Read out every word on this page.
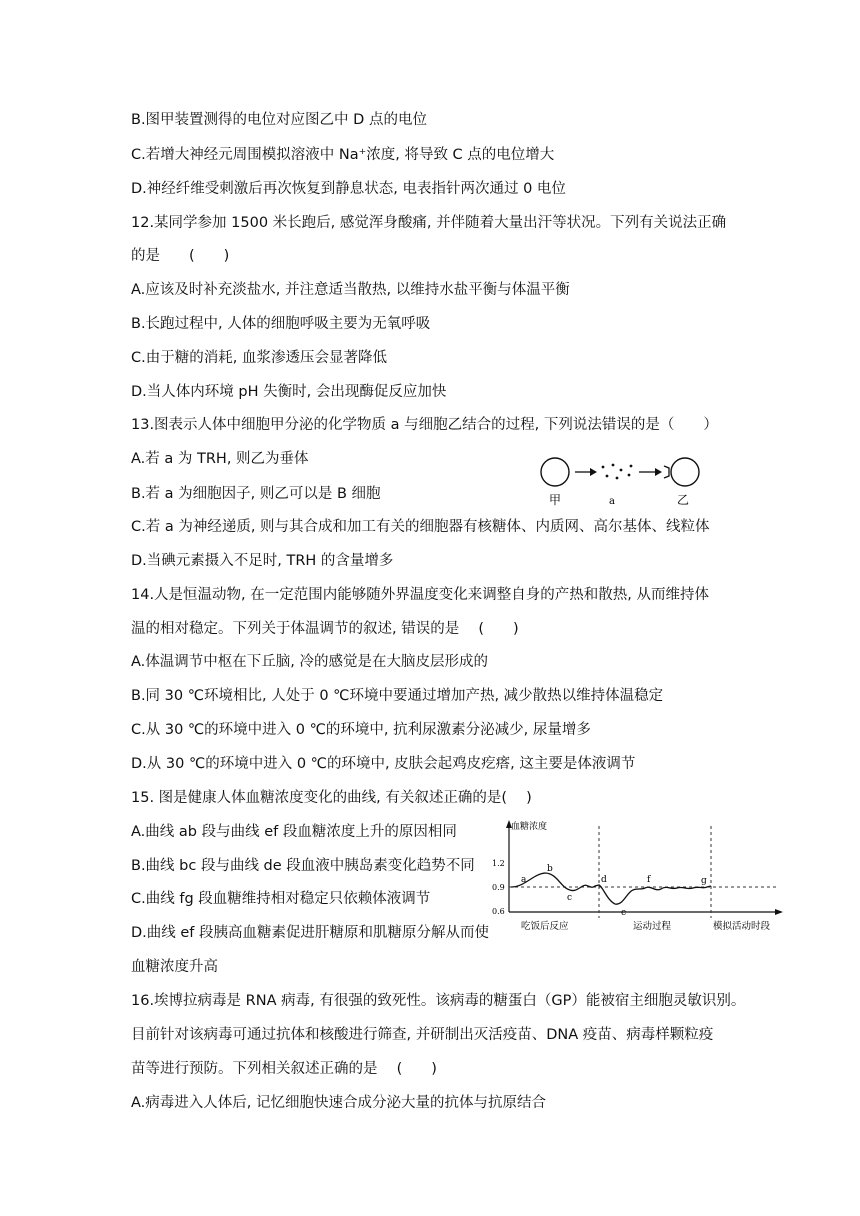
B.图甲装置测得的电位对应图乙中 D 点的电位
C.若增大神经元周围模拟溶液中 Na⁺浓度, 将导致 C 点的电位增大
D.神经纤维受刺激后再次恢复到静息状态, 电表指针两次通过 0 电位
12.某同学参加 1500 米长跑后, 感觉浑身酸痛, 并伴随着大量出汗等状况。下列有关说法正确
的是　　(　　)
A.应该及时补充淡盐水, 并注意适当散热, 以维持水盐平衡与体温平衡
B.长跑过程中, 人体的细胞呼吸主要为无氧呼吸
C.由于糖的消耗, 血浆渗透压会显著降低
D.当人体内环境 pH 失衡时, 会出现酶促反应加快
13.图表示人体中细胞甲分泌的化学物质 a 与细胞乙结合的过程, 下列说法错误的是（　　）
A.若 a 为 TRH, 则乙为垂体
B.若 a 为细胞因子, 则乙可以是 B 细胞
C.若 a 为神经递质, 则与其合成和加工有关的细胞器有核糖体、内质网、高尔基体、线粒体
D.当碘元素摄入不足时, TRH 的含量增多
14.人是恒温动物, 在一定范围内能够随外界温度变化来调整自身的产热和散热, 从而维持体
温的相对稳定。下列关于体温调节的叙述, 错误的是　 (　　)
A.体温调节中枢在下丘脑, 冷的感觉是在大脑皮层形成的
B.同 30 ℃环境相比, 人处于 0 ℃环境中要通过增加产热, 减少散热以维持体温稳定
C.从 30 ℃的环境中进入 0 ℃的环境中, 抗利尿激素分泌减少, 尿量增多
D.从 30 ℃的环境中进入 0 ℃的环境中, 皮肤会起鸡皮疙瘩, 这主要是体液调节
15. 图是健康人体血糖浓度变化的曲线, 有关叙述正确的是(　 )
A.曲线 ab 段与曲线 ef 段血糖浓度上升的原因相同
B.曲线 bc 段与曲线 de 段血液中胰岛素变化趋势不同
C.曲线 fg 段血糖维持相对稳定只依赖体液调节
D.曲线 ef 段胰高血糖素促进肝糖原和肌糖原分解从而使
血糖浓度升高
16.埃博拉病毒是 RNA 病毒, 有很强的致死性。该病毒的糖蛋白（GP）能被宿主细胞灵敏识别。
目前针对该病毒可通过抗体和核酸进行筛查, 并研制出灭活疫苗、DNA 疫苗、病毒样颗粒疫
苗等进行预防。下列相关叙述正确的是　 (　　)
A.病毒进入人体后, 记忆细胞快速合成分泌大量的抗体与抗原结合
甲	a	乙
血糖浓度
1.2
0.9
0.6
a
b
c
d
e
f	g
吃饭后反应	运动过程	模拟活动时段
